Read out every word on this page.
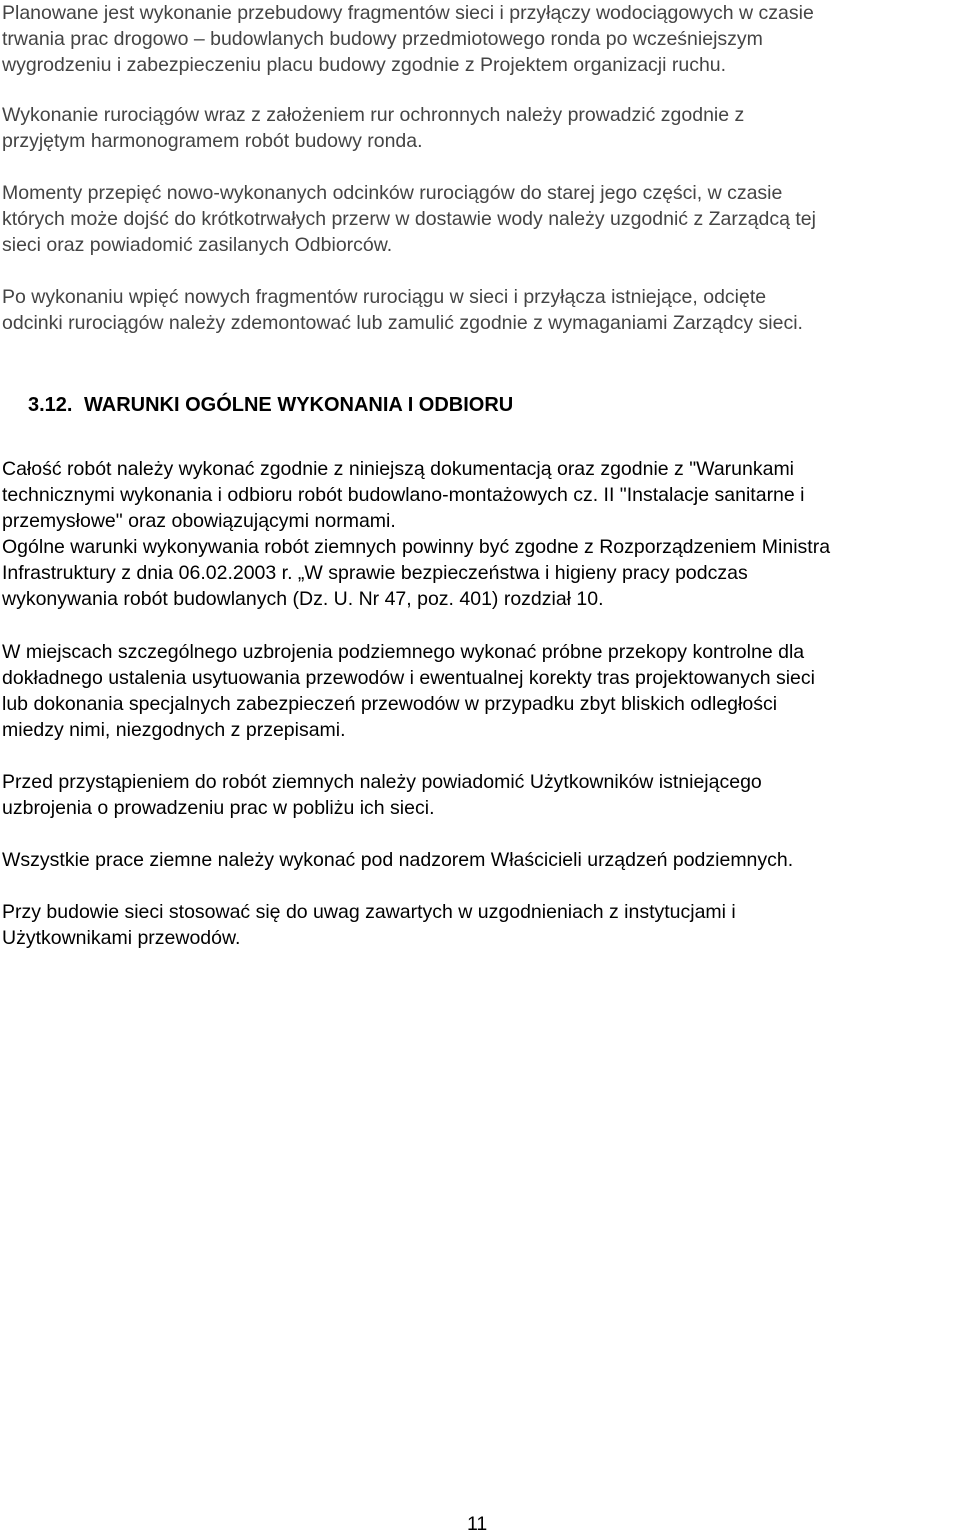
Planowane jest wykonanie przebudowy fragmentów sieci i przyłączy wodociągowych w czasie
trwania prac drogowo – budowlanych budowy przedmiotowego ronda po wcześniejszym
wygrodzeniu i zabezpieczeniu placu budowy zgodnie z Projektem organizacji ruchu.

Wykonanie rurociągów wraz z założeniem rur ochronnych należy prowadzić zgodnie z
przyjętym harmonogramem robót budowy ronda.

Momenty przepięć nowo-wykonanych odcinków rurociągów do starej jego części, w czasie
których może dojść do krótkotrwałych przerw w dostawie wody należy uzgodnić z Zarządcą tej
sieci oraz powiadomić zasilanych Odbiorców.

Po wykonaniu wpięć nowych fragmentów rurociągu w sieci i przyłącza istniejące, odcięte
odcinki rurociągów należy zdemontować lub zamulić zgodnie z wymaganiami Zarządcy sieci.

3.12. WARUNKI OGÓLNE WYKONANIA I ODBIORU

Całość robót należy wykonać zgodnie z niniejszą dokumentacją oraz zgodnie z "Warunkami
technicznymi wykonania i odbioru robót budowlano-montażowych cz. II "Instalacje sanitarne i
przemysłowe" oraz obowiązującymi normami.
Ogólne warunki wykonywania robót ziemnych powinny być zgodne z Rozporządzeniem Ministra
Infrastruktury z dnia 06.02.2003 r. „W sprawie bezpieczeństwa i higieny pracy podczas
wykonywania robót budowlanych (Dz. U. Nr 47, poz. 401) rozdział 10.

W miejscach szczególnego uzbrojenia podziemnego wykonać próbne przekopy kontrolne dla
dokładnego ustalenia usytuowania przewodów i ewentualnej korekty tras projektowanych sieci
lub dokonania specjalnych zabezpieczeń przewodów w przypadku zbyt bliskich odległości
miedzy nimi, niezgodnych z przepisami.

Przed przystąpieniem do robót ziemnych należy powiadomić Użytkowników istniejącego
uzbrojenia o prowadzeniu prac w pobliżu ich sieci.

Wszystkie prace ziemne należy wykonać pod nadzorem Właścicieli urządzeń podziemnych.

Przy budowie sieci stosować się do uwag zawartych w uzgodnieniach z instytucjami i
Użytkownikami przewodów.

11
